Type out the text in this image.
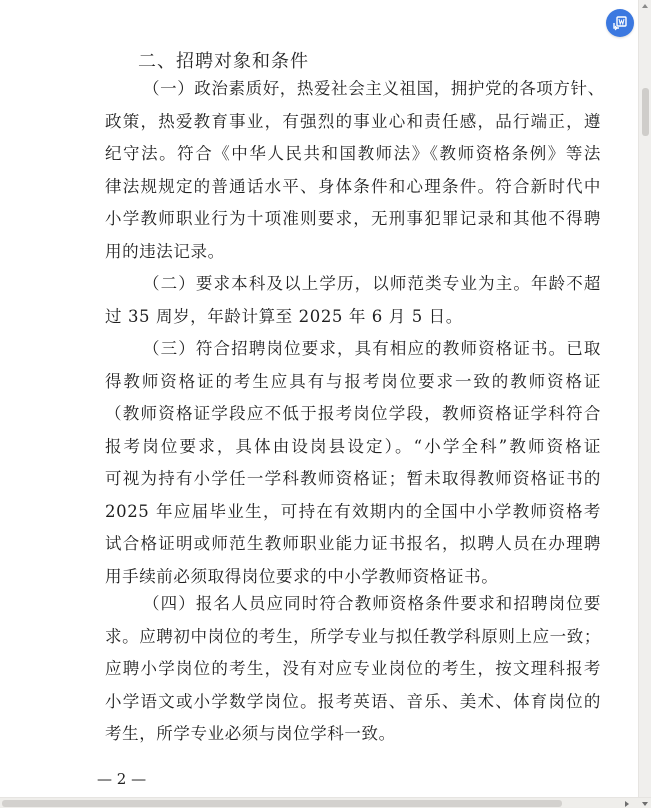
二、招聘对象和条件
（一）政治素质好，热爱社会主义祖国，拥护党的各项方针、
政策，热爱教育事业，有强烈的事业心和责任感，品行端正，遵
纪守法。符合《中华人民共和国教师法》《教师资格条例》等法
律法规规定的普通话水平、身体条件和心理条件。符合新时代中
小学教师职业行为十项准则要求，无刑事犯罪记录和其他不得聘
用的违法记录。
（二）要求本科及以上学历，以师范类专业为主。年龄不超
过 35 周岁，年龄计算至 2025 年 6 月 5 日。
（三）符合招聘岗位要求，具有相应的教师资格证书。已取
得教师资格证的考生应具有与报考岗位要求一致的教师资格证
（教师资格证学段应不低于报考岗位学段，教师资格证学科符合
报考岗位要求，具体由设岗县设定）。“小学全科”教师资格证
可视为持有小学任一学科教师资格证；暂未取得教师资格证书的
2025 年应届毕业生，可持在有效期内的全国中小学教师资格考
试合格证明或师范生教师职业能力证书报名，拟聘人员在办理聘
用手续前必须取得岗位要求的中小学教师资格证书。
（四）报名人员应同时符合教师资格条件要求和招聘岗位要
求。应聘初中岗位的考生，所学专业与拟任教学科原则上应一致；
应聘小学岗位的考生，没有对应专业岗位的考生，按文理科报考
小学语文或小学数学岗位。报考英语、音乐、美术、体育岗位的
考生，所学专业必须与岗位学科一致。
— 2 —
